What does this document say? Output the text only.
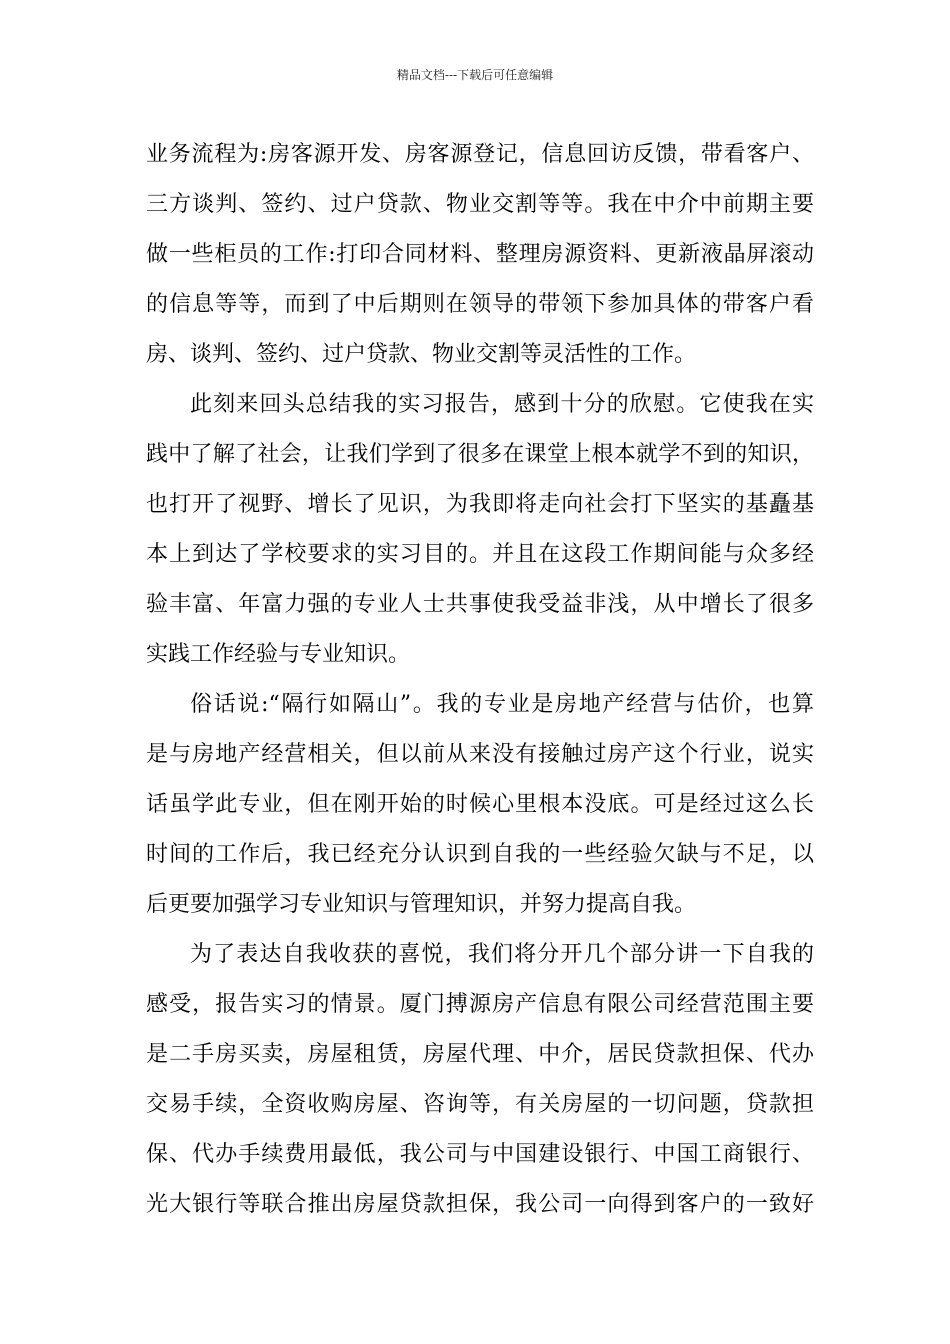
精品文档---下载后可任意编辑
业务流程为:房客源开发、房客源登记，信息回访反馈，带看客户、
三方谈判、签约、过户贷款、物业交割等等。我在中介中前期主要
做一些柜员的工作:打印合同材料、整理房源资料、更新液晶屏滚动
的信息等等，而到了中后期则在领导的带领下参加具体的带客户看
房、谈判、签约、过户贷款、物业交割等灵活性的工作。
此刻来回头总结我的实习报告，感到十分的欣慰。它使我在实
践中了解了社会，让我们学到了很多在课堂上根本就学不到的知识，
也打开了视野、增长了见识，为我即将走向社会打下坚实的基矗基
本上到达了学校要求的实习目的。并且在这段工作期间能与众多经
验丰富、年富力强的专业人士共事使我受益非浅，从中增长了很多
实践工作经验与专业知识。
俗话说:“隔行如隔山”。我的专业是房地产经营与估价，也算
是与房地产经营相关，但以前从来没有接触过房产这个行业，说实
话虽学此专业，但在刚开始的时候心里根本没底。可是经过这么长
时间的工作后，我已经充分认识到自我的一些经验欠缺与不足，以
后更要加强学习专业知识与管理知识，并努力提高自我。
为了表达自我收获的喜悦，我们将分开几个部分讲一下自我的
感受，报告实习的情景。厦门搏源房产信息有限公司经营范围主要
是二手房买卖，房屋租赁，房屋代理、中介，居民贷款担保、代办
交易手续，全资收购房屋、咨询等，有关房屋的一切问题，贷款担
保、代办手续费用最低，我公司与中国建设银行、中国工商银行、
光大银行等联合推出房屋贷款担保，我公司一向得到客户的一致好
